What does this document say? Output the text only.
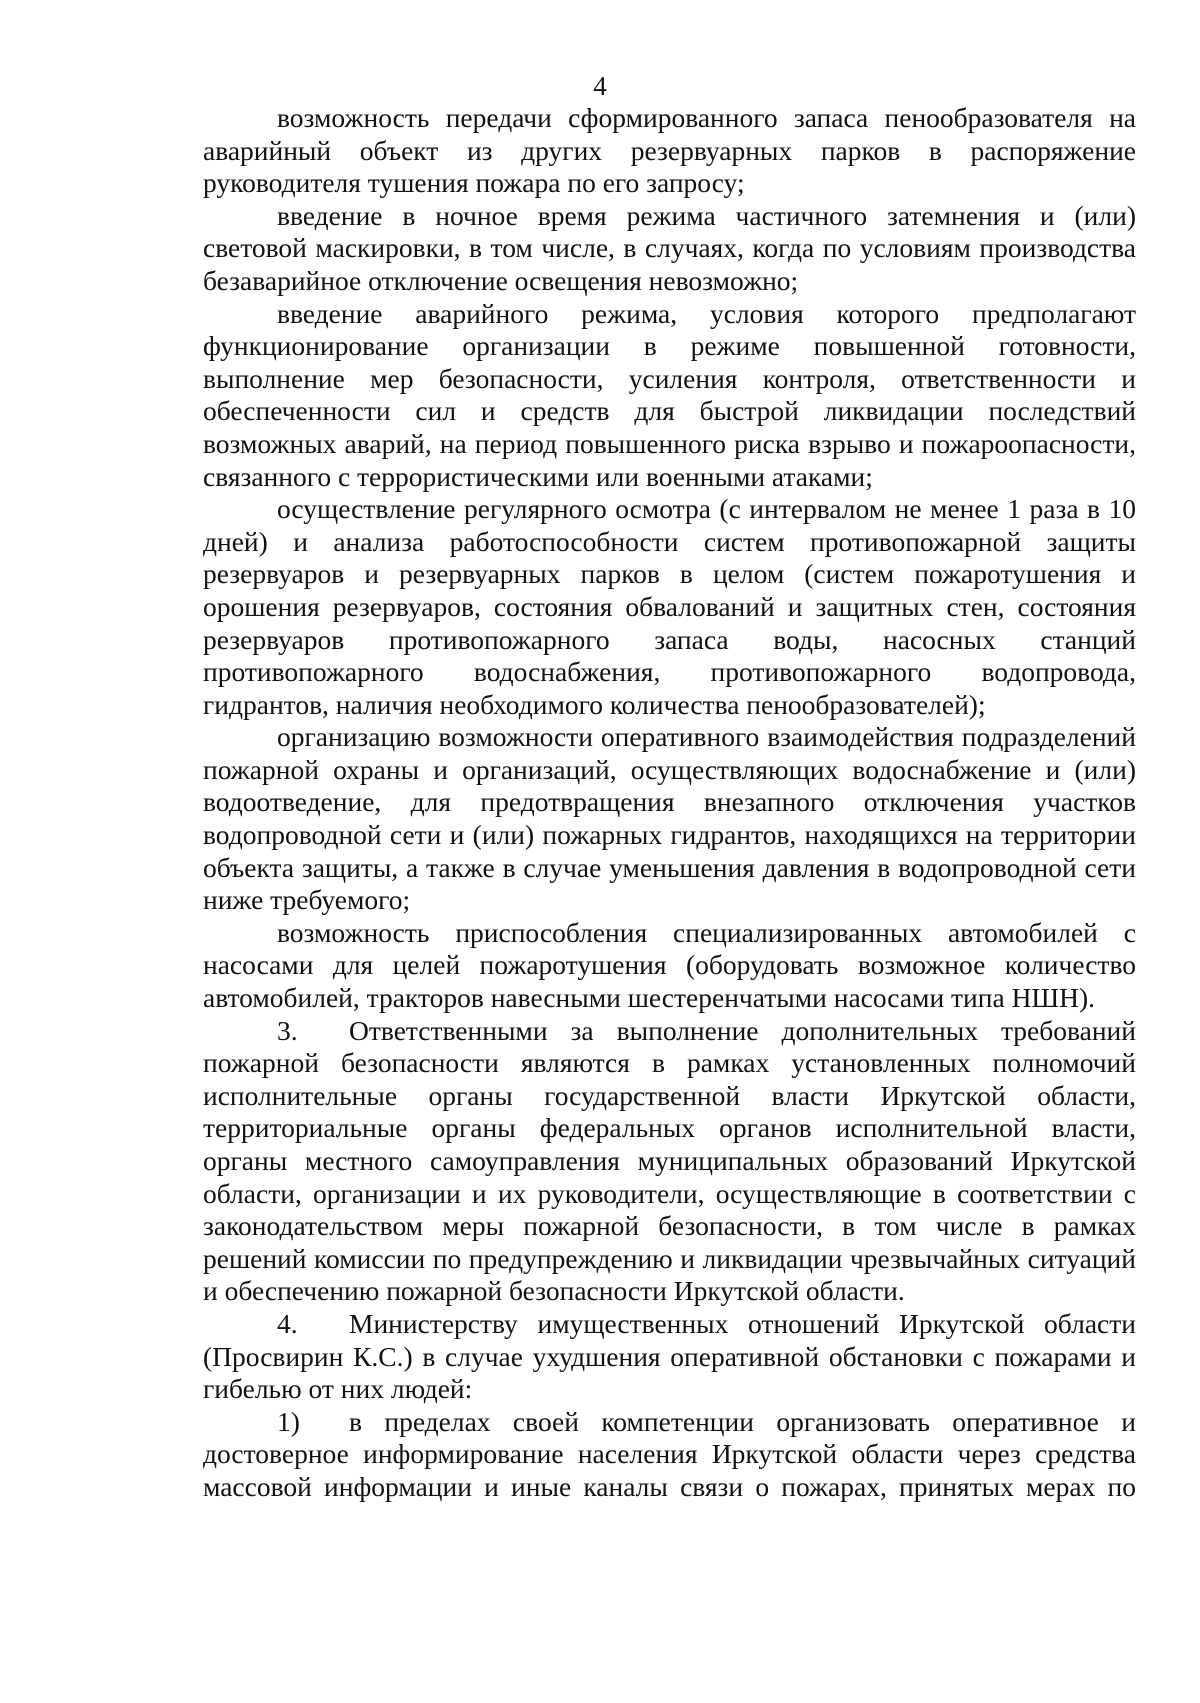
4

возможность передачи сформированного запаса пенообразователя на аварийный объект из других резервуарных парков в распоряжение руководителя тушения пожара по его запросу;

введение в ночное время режима частичного затемнения и (или) световой маскировки, в том числе, в случаях, когда по условиям производства безаварийное отключение освещения невозможно;

введение аварийного режима, условия которого предполагают функционирование организации в режиме повышенной готовности, выполнение мер безопасности, усиления контроля, ответственности и обеспеченности сил и средств для быстрой ликвидации последствий возможных аварий, на период повышенного риска взрыво и пожароопасности, связанного с террористическими или военными атаками;

осуществление регулярного осмотра (с интервалом не менее 1 раза в 10 дней) и анализа работоспособности систем противопожарной защиты резервуаров и резервуарных парков в целом (систем пожаротушения и орошения резервуаров, состояния обвалований и защитных стен, состояния резервуаров противопожарного запаса воды, насосных станций противопожарного водоснабжения, противопожарного водопровода, гидрантов, наличия необходимого количества пенообразователей);

организацию возможности оперативного взаимодействия подразделений пожарной охраны и организаций, осуществляющих водоснабжение и (или) водоотведение, для предотвращения внезапного отключения участков водопроводной сети и (или) пожарных гидрантов, находящихся на территории объекта защиты, а также в случае уменьшения давления в водопроводной сети ниже требуемого;

возможность приспособления специализированных автомобилей с насосами для целей пожаротушения (оборудовать возможное количество автомобилей, тракторов навесными шестеренчатыми насосами типа НШН).

3. Ответственными за выполнение дополнительных требований пожарной безопасности являются в рамках установленных полномочий исполнительные органы государственной власти Иркутской области, территориальные органы федеральных органов исполнительной власти, органы местного самоуправления муниципальных образований Иркутской области, организации и их руководители, осуществляющие в соответствии с законодательством меры пожарной безопасности, в том числе в рамках решений комиссии по предупреждению и ликвидации чрезвычайных ситуаций и обеспечению пожарной безопасности Иркутской области.

4. Министерству имущественных отношений Иркутской области (Просвирин К.С.) в случае ухудшения оперативной обстановки с пожарами и гибелью от них людей:

1) в пределах своей компетенции организовать оперативное и достоверное информирование населения Иркутской области через средства массовой информации и иные каналы связи о пожарах, принятых мерах по
